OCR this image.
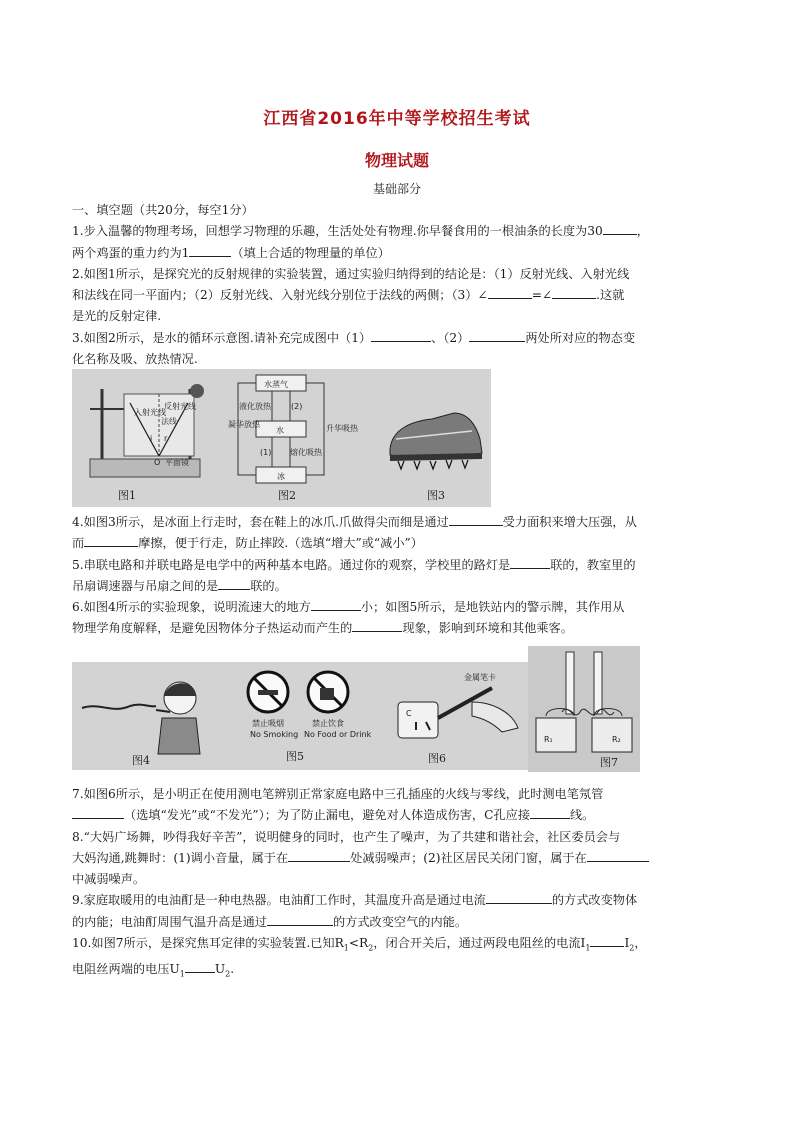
江西省2016年中等学校招生考试
物理试题
基础部分
一、填空题（共20分，每空1分）
1.步入温馨的物理考场，回想学习物理的乐趣，生活处处有物理.你早餐食用的一根油条的长度为30	，
两个鸡蛋的重力约为1	（填上合适的物理量的单位）
2.如图1所示，是探究光的反射规律的实验装置，通过实验归纳得到的结论是：（1）反射光线、入射光线
和法线在同一平面内；（2）反射光线、入射光线分别位于法线的两侧；（3）∠	=∠	.这就
是光的反射定律.
3.如图2所示，是水的循环示意图.请补充完成图中（1）	、（2）	两处所对应的物态变
化名称及吸、放热情况.
入射光线
反射光线
法线
i r
O 平面镜
图1
水蒸气
水
冰
液化放热
凝华放热	升华吸热
熔化吸热
(2)
(1)
图2	图3
4.如图3所示，是冰面上行走时，套在鞋上的冰爪.爪做得尖而细是通过	受力面积来增大压强，从
而	摩擦，便于行走，防止摔跤.（选填“增大”或“减小”）
5.串联电路和并联电路是电学中的两种基本电路。通过你的观察，学校里的路灯是	联的，教室里的
吊扇调速器与吊扇之间的是	联的。
6.如图4所示的实验现象，说明流速大的地方	小；如图5所示，是地铁站内的警示牌，其作用从
物理学角度解释，是避免因物体分子热运动而产生的	现象，影响到环境和其他乘客。
图4
禁止吸烟
No Smoking
禁止饮食
No Food or Drink
图5
C
金属笔卡
图6
R₁	R₂
图7
7.如图6所示，是小明正在使用测电笔辨别正常家庭电路中三孔插座的火线与零线，此时测电笔氖管
（选填“发光”或“不发光”）；为了防止漏电，避免对人体造成伤害，C孔应接	线。
8.“大妈广场舞，吵得我好辛苦”，说明健身的同时，也产生了噪声，为了共建和谐社会，社区委员会与
大妈沟通,跳舞时：(1)调小音量，属于在	处减弱噪声；(2)社区居民关闭门窗，属于在
中减弱噪声。
9.家庭取暖用的电油酊是一种电热器。电油酊工作时，其温度升高是通过电流	的方式改变物体
的内能；电油酊周围气温升高是通过	的方式改变空气的内能。
10.如图7所示，是探究焦耳定律的实验装置.已知$R_1<R_2$，闭合开关后，通过两段电阻丝的电流$I_1$	$I_2$，
电阻丝两端的电压$U_1$ $U_2$.
